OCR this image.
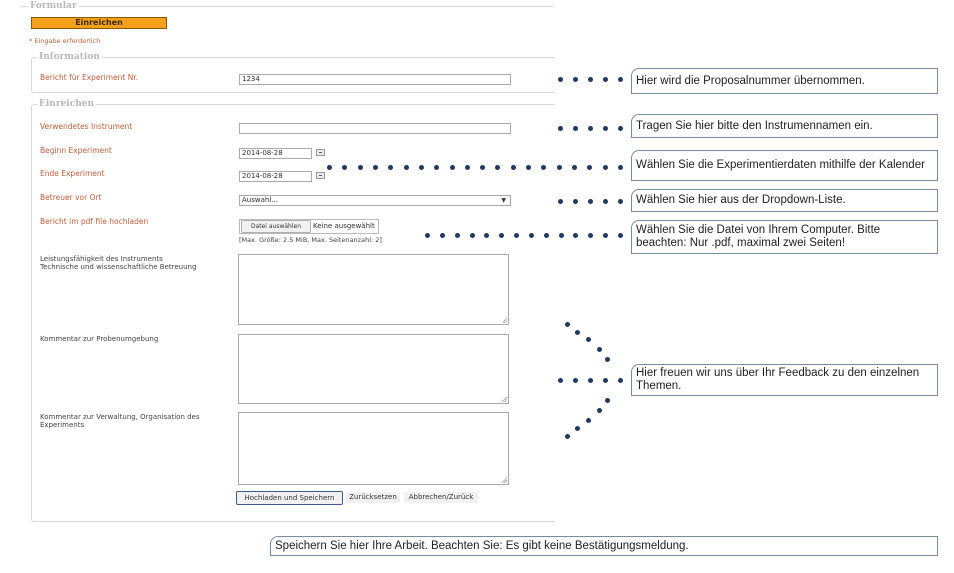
Formular
Einreichen
* Eingabe erforderlich
Information
Bericht für Experiment Nr.	1234
Einreichen
Verwendetes Instrument
Beginn Experiment	2014-08-28
Ende Experiment	2014-08-28
Betreuer vor Ort	Auswahl...	▼
Bericht im pdf file hochladen
Datei auswählen	Keine ausgewählt
[Max. Größe: 2.5 MiB, Max. Seitenanzahl: 2]
Leistungsfähigkeit des Instruments
Technische und wissenschaftliche Betreuung
Kommentar zur Probenumgebung
Kommentar zur Verwaltung, Organisation des
Experiments
Hochladen und Speichern	Zurücksetzen	Abbrechen/Zurück
Hier wird die Proposalnummer übernommen.
Tragen Sie hier bitte den Instrumennamen ein.
Wählen Sie die Experimentierdaten mithilfe der Kalender
Wählen Sie hier aus der Dropdown-Liste.
Wählen Sie die Datei von Ihrem Computer. Bitte beachten: Nur .pdf, maximal zwei Seiten!
Hier freuen wir uns über Ihr Feedback zu den einzelnen Themen.
Speichern Sie hier Ihre Arbeit. Beachten Sie: Es gibt keine Bestätigungsmeldung.
